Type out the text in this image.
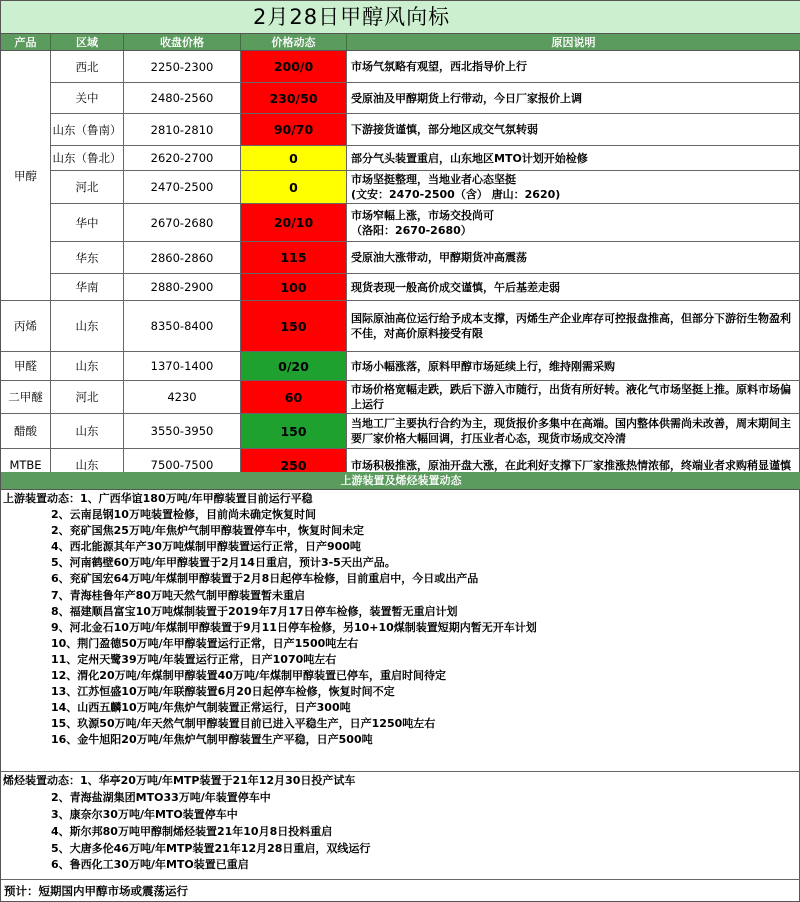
2月28日甲醇风向标
产品	区域	收盘价格	价格动态	原因说明
甲醇
西北	2250-2300	200/0	市场气氛略有观望，西北指导价上行
关中	2480-2560	230/50	受原油及甲醇期货上行带动，今日厂家报价上调
山东（鲁南）	2810-2810	90/70	下游接货谨慎，部分地区成交气氛转弱
山东（鲁北）	2620-2700	0	部分气头装置重启，山东地区MTO计划开始检修
河北	2470-2500	0	市场坚挺整理，当地业者心态坚挺
(文安：2470-2500（含） 唐山：2620)
华中	2670-2680	20/10	市场窄幅上涨，市场交投尚可
（洛阳：2670-2680）
华东	2860-2860	115	受原油大涨带动，甲醇期货冲高震荡
华南	2880-2900	100	现货表现一般高价成交谨慎，午后基差走弱
丙烯	山东	8350-8400	150	国际原油高位运行给予成本支撑，丙烯生产企业库存可控报盘推高，但部分下游衍生物盈利不佳，对高价原料接受有限
甲醛	山东	1370-1400	0/20	市场小幅涨落，原料甲醇市场延续上行，维持刚需采购
二甲醚	河北	4230	60	市场价格宽幅走跌，跌后下游入市随行，出货有所好转。液化气市场坚挺上推。原料市场偏上运行
醋酸	山东	3550-3950	150	当地工厂主要执行合约为主，现货报价多集中在高端。国内整体供需尚未改善，周末期间主要厂家价格大幅回调，打压业者心态，现货市场成交冷清
MTBE	山东	7500-7500	250	市场积极推涨，原油开盘大涨，在此利好支撑下厂家推涨热情浓郁，终端业者求购稍显谨慎
上游装置及烯烃装置动态
上游装置动态：1、广西华谊180万吨/年甲醇装置目前运行平稳
2、云南昆钢10万吨装置检修，目前尚未确定恢复时间
2、兖矿国焦25万吨/年焦炉气制甲醇装置停车中，恢复时间未定
4、西北能源其年产30万吨煤制甲醇装置运行正常，日产900吨
5、河南鹤壁60万吨/年甲醇装置于2月14日重启，预计3-5天出产品。
6、兖矿国宏64万吨/年煤制甲醇装置于2月8日起停车检修，目前重启中，今日或出产品
7、青海桂鲁年产80万吨天然气制甲醇装置暂未重启
8、福建顺昌富宝10万吨煤制装置于2019年7月17日停车检修，装置暂无重启计划
9、河北金石10万吨/年煤制甲醇装置于9月11日停车检修，另10+10煤制装置短期内暂无开车计划
10、荆门盈德50万吨/年甲醇装置运行正常，日产1500吨左右
11、定州天鹭39万吨/年装置运行正常，日产1070吨左右
12、渭化20万吨/年煤制甲醇装置40万吨/年煤制甲醇装置已停车，重启时间待定
13、江苏恒盛10万吨/年联醇装置6月20日起停车检修，恢复时间不定
14、山西五麟10万吨/年焦炉气制装置正常运行，日产300吨
15、玖源50万吨/年天然气制甲醇装置目前已进入平稳生产，日产1250吨左右
16、金牛旭阳20万吨/年焦炉气制甲醇装置生产平稳，日产500吨
烯烃装置动态：1、华亭20万吨/年MTP装置于21年12月30日投产试车
2、青海盐湖集团MTO33万吨/年装置停车中
3、康奈尔30万吨/年MTO装置停车中
4、斯尔邦80万吨甲醇制烯烃装置21年10月8日投料重启
5、大唐多伦46万吨/年MTP装置21年12月28日重启，双线运行
6、鲁西化工30万吨/年MTO装置已重启
预计：短期国内甲醇市场或震荡运行
